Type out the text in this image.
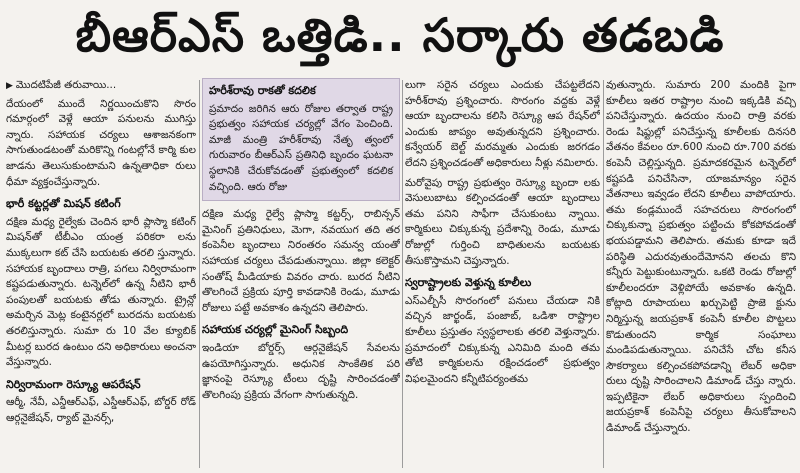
బీఆర్ఎస్ ఒత్తిడి.. సర్కారు తడబడి
▶ మొదటిపేజీ తరువాయి...

దేయంలో ముందే నిర్ణయించుకొని సొరం గమార్గంలో వెళ్లే ఆయా పనులను ముగిస్తు న్నారు. సహాయక చర్యలు ఆశాజనకంగా సాగుతుండటంతో మరికొన్ని గంటల్లోనే కార్మి కుల జాడను తెలుసుకుంటామని ఉన్నతాధికా రులు ధీమా వ్యక్తంచేస్తున్నారు.

భారీ కట్టర్లతో మిషన్ కటింగ్

దక్షిణ మధ్య రైల్వేకు చెందిన భారీ ప్లాస్మా కటింగ్ మిషన్‌తో టీబీఎం యంత్ర పరికరా లను ముక్కలుగా కట్ చేసి బయటకు తరలి స్తున్నారు. సహాయక బృందాలు రాత్రి, పగలు నిర్విరామంగా కష్టపడుతున్నారు. టన్నెల్‌లో ఉన్న నీటిని భారీ పంపులతో బయటకు తోడు తున్నారు. ట్రైన్లో అమర్చిన మెట్ల కంటైనర్లలో బురదను బయటకు తరలిస్తున్నారు. సుమా రు 10 వేల క్యూబిక్ మీటర్ల బురద ఉంటుం దని అధికారులు అంచనా వేస్తున్నారు.

నిర్విరామంగా రెస్క్యూ ఆపరేషన్

ఆర్మీ, నేవీ, ఎన్డీఆర్ఎఫ్, ఎస్డీఆర్ఎఫ్, బోర్డర్ రోడ్ ఆర్గనైజేషన్, ర్యాట్ మైనర్స్,

హరీశ్‌రావు రాకతో కదలిక

ప్రమాదం జరిగిన ఆరు రోజుల తర్వాత రాష్ట్ర ప్రభుత్వం సహాయక చర్యల్లో వేగం పెంచింది. మాజీ మంత్రి హరీశ్‌రావు నేతృ త్వంలో గురువారం బీఆర్ఎస్ ప్రతినిధి బృందం ఘటనా స్థలానికి చేరుకోవడంతో ప్రభుత్వంలో కదలిక వచ్చింది. ఆరు రోజు

దక్షిణ మధ్య రైల్వే ప్లాస్మా కట్టర్స్, రాబిన్సన్ మైనింగ్ ప్రతినిధులు, మెగా, నవయుగ తది తర కంపెనీల బృందాలు నిరంతరం సమన్వ యంతో సహాయక చర్యలు చేపడుతున్నాయి. జిల్లా కలెక్టర్ సంతోష్ మీడియాకు వివరం చారు. బురద నీటిని తొలగించే ప్రక్రియ పూర్తి కావడానికి రెండు, మూడు రోజులు పట్టే అవకాశం ఉన్నదని తెలిపారు.

సహాయక చర్యల్లో మైనింగ్ సిబ్బంది

ఇండియా బోర్డర్స్ ఆర్గనైజేషన్ సేవలను ఉపయోగిస్తున్నారు. అధునిక సాంకేతిక పరి జ్ఞానంపై రెస్క్యూ టీంలు దృష్టి సారించడంతో తొలగింపు ప్రక్రియ వేగంగా సాగుతున్నది.

లుగా సరైన చర్యలు ఎందుకు చేపట్టలేదని హరీశ్‌రావు ప్రశ్నించారు. సొరంగం వద్దకు వెళ్లే ఆయా బృందాలను కలిసి రెస్క్యూ ఆప రేషన్‌లో ఎందుకు జాప్యం అవుతున్నదని ప్రశ్నించారు. కన్వేయర్ బెల్ట్ మరమ్మతు ఎందుకు జరగడం లేదని ప్రశ్నించడంతో అధికారులు నీళ్లు నమిలారు.

మరోవైపు రాష్ట్ర ప్రభుత్వం రెస్క్యూ బృందా లకు వెసులుబాటు కల్పించడంతో ఆయా బృందాలు తమ పనిని సాఫీగా చేసుకుంటు న్నాయి. కార్మికులు చిక్కుకున్న ప్రదేశాన్ని రెండు, మూడు రోజుల్లో గుర్తించి బాధితులను బయటకు తీసుకొస్తామని చెప్తున్నారు.

స్వరాష్ట్రాలకు వెళ్తున్న కూలీలు

ఎస్ఎల్బీసీ సొరంగంలో పనులు చేయడా నికి వచ్చిన జార్ఖండ్, పంజాబ్, ఒడిశా రాష్ట్రాల కూలీలు ప్రస్తుతం స్వస్థలాలకు తరలి వెళ్తున్నారు. ప్రమాదంలో చిక్కుకున్న ఎనిమిది మంది తమ తోటి కార్మికులను రక్షించడంలో ప్రభుత్వం విఫలమైందని కన్నీటిపర్యంతమ

వుతున్నారు. సుమారు 200 మందికి పైగా కూలీలు ఇతర రాష్ట్రాల నుంచి ఇక్కడికి వచ్చి పనిచేస్తున్నారు. ఉదయం నుంచి రాత్రి వరకు రెండు షిఫ్టుల్లో పనిచేస్తున్న కూలీలకు దినసరి వేతనం కేవలం రూ.600 నుంచి రూ.700 వరకు కంపెనీ చెల్లిస్తున్నది. ప్రమాదకరమైన టన్నెల్‌లో కష్టపడి పనిచేసినా, యాజమాన్యం సరైన వేతనాలు ఇవ్వడం లేదని కూలీలు వాపోయారు. తమ కండ్లముందే సహచరులు సొరంగంలో చిక్కుకున్నా ప్రభుత్వం పట్టించు కోకపోవడంతో భయపడ్డామని తెలిపారు. తమకు కూడా ఇదే పరిస్థితి ఎదురవుతుందేమోనని తలచు కొని కన్నీరు పెట్టుకుంటున్నారు. ఒకటి రెండు రోజుల్లో కూలీలందరూ వెళ్లిపోయే అవకాశం ఉన్నది. కోట్లాది రూపాయలు ఖర్చుపెట్టి ప్రాజె క్టును నిర్మిస్తున్న జయప్రకాశ్ కంపెనీ కూలీల పొట్టలు కొడుతుందని కార్మిక సంఘాలు మండిపడుతున్నాయి. పనిచేసే చోట కనీస సౌకర్యాలు కల్పించకపోవడాన్ని లేబర్ అధికా రులు దృష్టి సారించాలని డిమాండ్ చేస్తు న్నారు. ఇప్పటికైనా లేబర్ అధికారులు స్పందించి జయప్రకాశ్ కంపెనీపై చర్యలు తీసుకోవాలని డిమాండ్ చేస్తున్నారు.
